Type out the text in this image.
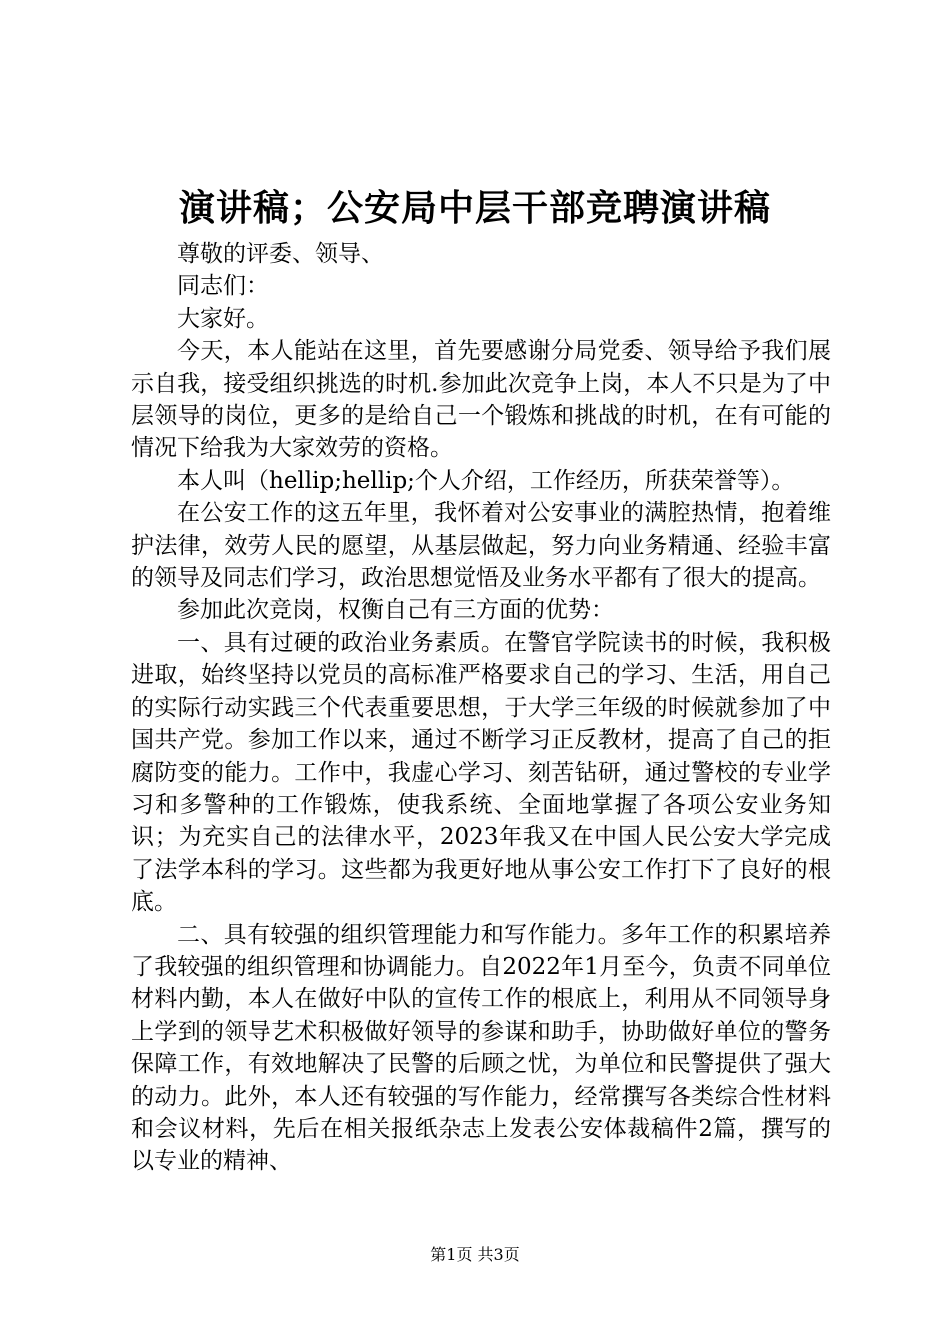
演讲稿；公安局中层干部竞聘演讲稿

尊敬的评委、领导、

同志们：

大家好。

今天，本人能站在这里，首先要感谢分局党委、领导给予我们展示自我，接受组织挑选的时机.参加此次竞争上岗，本人不只是为了中层领导的岗位，更多的是给自己一个锻炼和挑战的时机，在有可能的情况下给我为大家效劳的资格。

本人叫（hellip;hellip;个人介绍，工作经历，所获荣誉等）。

在公安工作的这五年里，我怀着对公安事业的满腔热情，抱着维护法律，效劳人民的愿望，从基层做起，努力向业务精通、经验丰富的领导及同志们学习，政治思想觉悟及业务水平都有了很大的提高。

参加此次竞岗，权衡自己有三方面的优势：

一、具有过硬的政治业务素质。在警官学院读书的时候，我积极进取，始终坚持以党员的高标准严格要求自己的学习、生活，用自己的实际行动实践三个代表重要思想，于大学三年级的时候就参加了中国共产党。参加工作以来，通过不断学习正反教材，提高了自己的拒腐防变的能力。工作中，我虚心学习、刻苦钻研，通过警校的专业学习和多警种的工作锻炼，使我系统、全面地掌握了各项公安业务知识；为充实自己的法律水平，2023年我又在中国人民公安大学完成了法学本科的学习。这些都为我更好地从事公安工作打下了良好的根底。

二、具有较强的组织管理能力和写作能力。多年工作的积累培养了我较强的组织管理和协调能力。自2022年1月至今，负责不同单位材料内勤，本人在做好中队的宣传工作的根底上，利用从不同领导身上学到的领导艺术积极做好领导的参谋和助手，协助做好单位的警务保障工作，有效地解决了民警的后顾之忧，为单位和民警提供了强大的动力。此外，本人还有较强的写作能力，经常撰写各类综合性材料和会议材料，先后在相关报纸杂志上发表公安体裁稿件2篇，撰写的以专业的精神、

第1页 共3页
